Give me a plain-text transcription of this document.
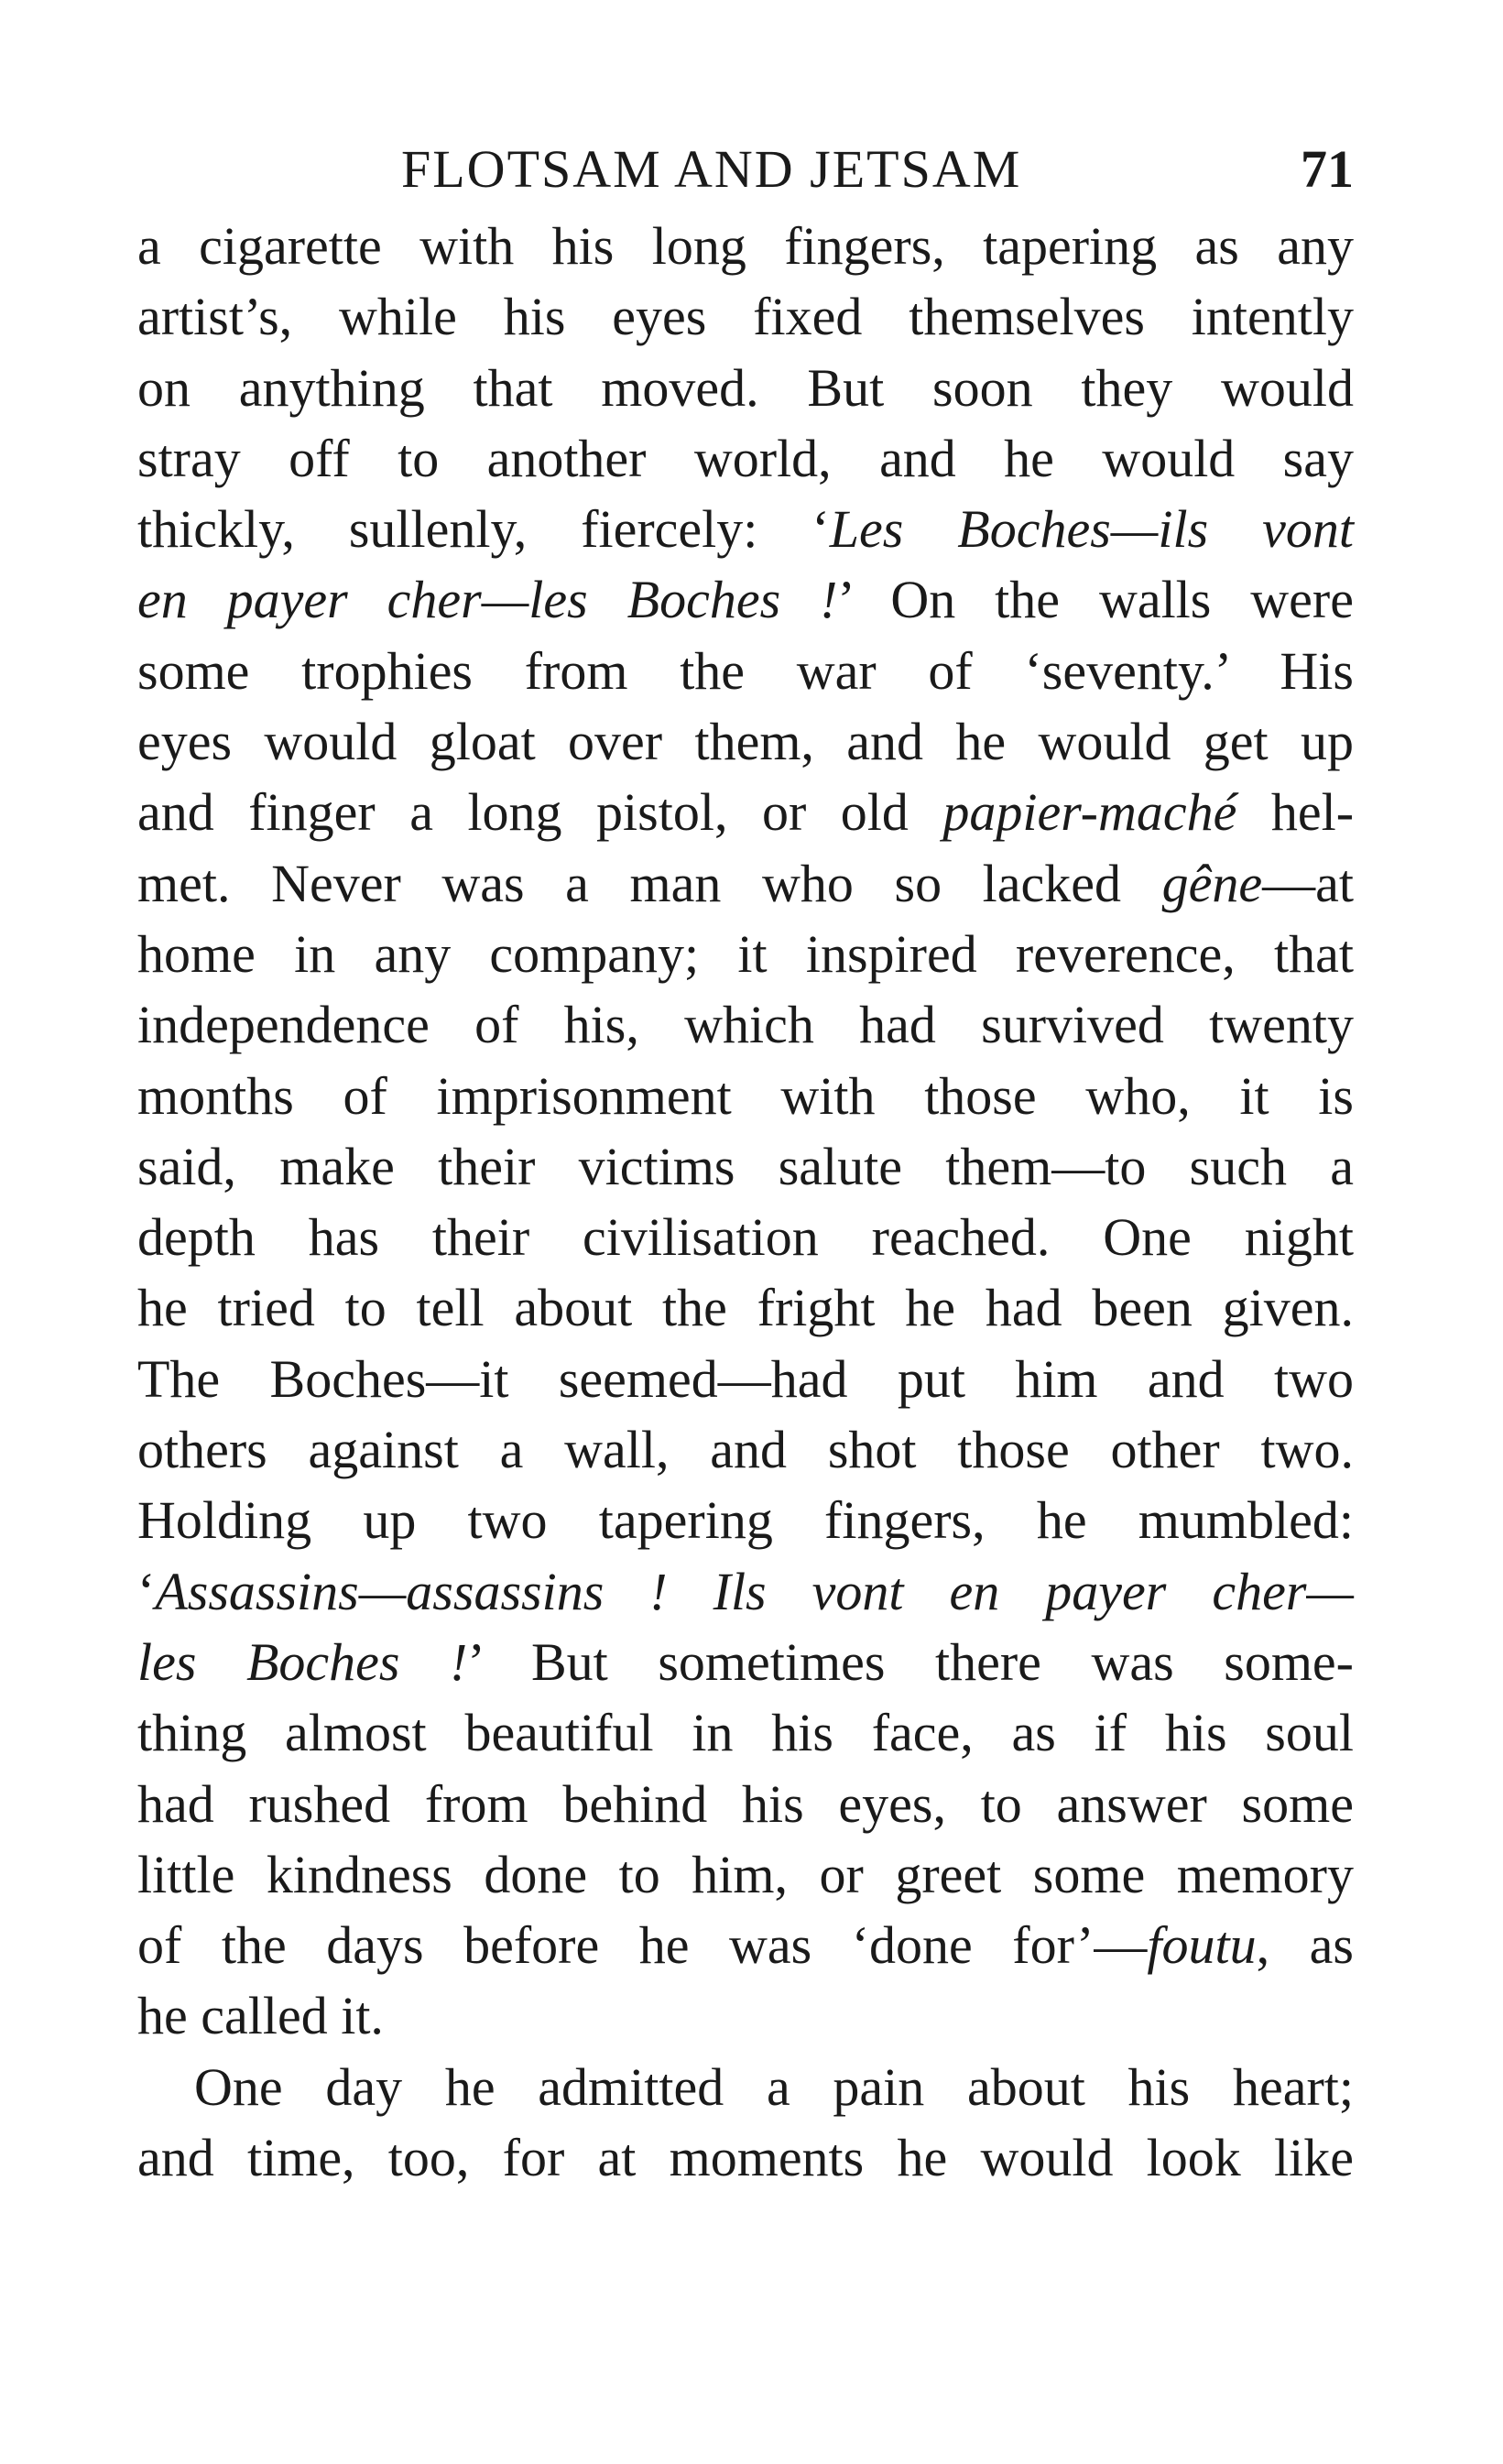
FLOTSAM AND JETSAM	71
a cigarette with his long fingers, tapering as any
artist’s, while his eyes fixed themselves intently
on anything that moved. But soon they would
stray off to another world, and he would say
thickly, sullenly, fiercely: ‘Les Boches—ils vont
en payer cher—les Boches !’ On the walls were
some trophies from the war of ‘seventy.’ His
eyes would gloat over them, and he would get up
and finger a long pistol, or old papier-maché hel-
met. Never was a man who so lacked gêne—at
home in any company; it inspired reverence, that
independence of his, which had survived twenty
months of imprisonment with those who, it is
said, make their victims salute them—to such a
depth has their civilisation reached. One night
he tried to tell about the fright he had been given.
The Boches—it seemed—had put him and two
others against a wall, and shot those other two.
Holding up two tapering fingers, he mumbled:
‘Assassins—assassins ! Ils vont en payer cher—
les Boches !’ But sometimes there was some-
thing almost beautiful in his face, as if his soul
had rushed from behind his eyes, to answer some
little kindness done to him, or greet some memory
of the days before he was ‘done for’—foutu, as
he called it.
One day he admitted a pain about his heart;
and time, too, for at moments he would look like
